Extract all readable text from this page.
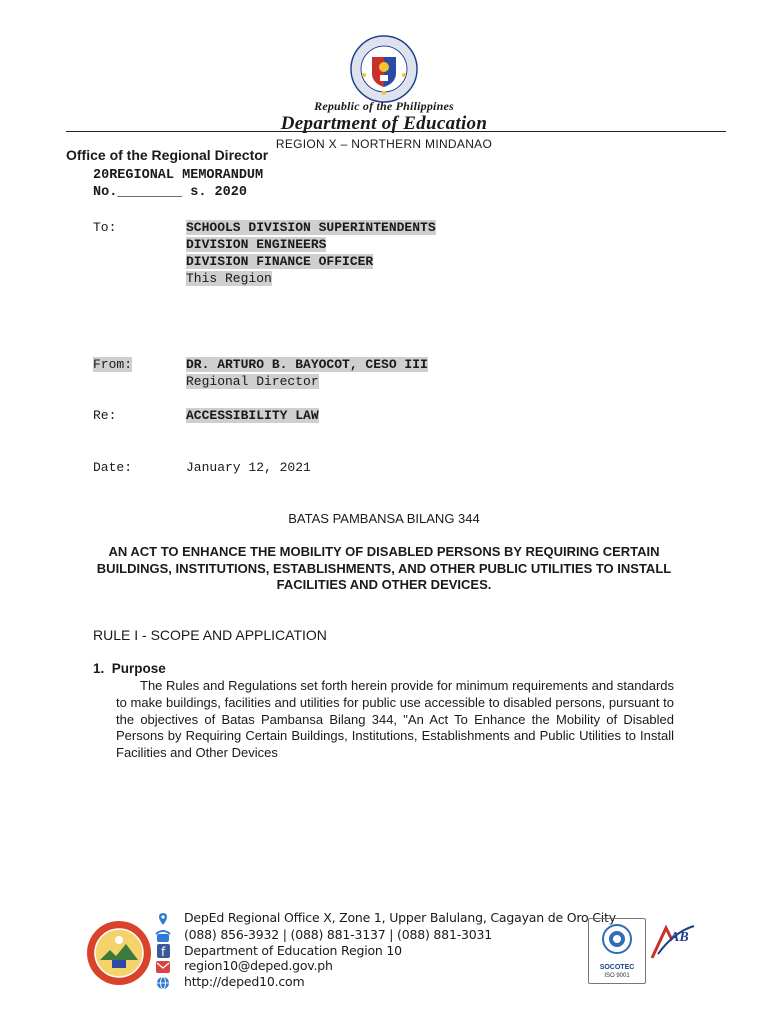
Republic of the Philippines
Department of Education
REGION X – NORTHERN MINDANAO
Office of the Regional Director
20REGIONAL MEMORANDUM
No.________ s. 2020
To:	SCHOOLS DIVISION SUPERINTENDENTS
DIVISION ENGINEERS
DIVISION FINANCE OFFICER
This Region
From:	DR. ARTURO B. BAYOCOT, CESO III
Regional Director
Re:	ACCESSIBILITY LAW
Date:	January 12, 2021
BATAS PAMBANSA BILANG 344
AN ACT TO ENHANCE THE MOBILITY OF DISABLED PERSONS BY REQUIRING CERTAIN BUILDINGS, INSTITUTIONS, ESTABLISHMENTS, AND OTHER PUBLIC UTILITIES TO INSTALL FACILITIES AND OTHER DEVICES.
RULE I - SCOPE AND APPLICATION
1.  Purpose
The Rules and Regulations set forth herein provide for minimum requirements and standards to make buildings, facilities and utilities for public use accessible to disabled persons, pursuant to the objectives of Batas Pambansa Bilang 344, "An Act To Enhance the Mobility of Disabled Persons by Requiring Certain Buildings, Institutions, Establishments and Public Utilities to Install Facilities and Other Devices
DepEd Regional Office X, Zone 1, Upper Balulang, Cagayan de Oro City
(088) 856-3932 | (088) 881-3137 | (088) 881-3031
f Department of Education Region 10
region10@deped.gov.ph
http://deped10.com
SOCOTEC
ISO 9001
AB
